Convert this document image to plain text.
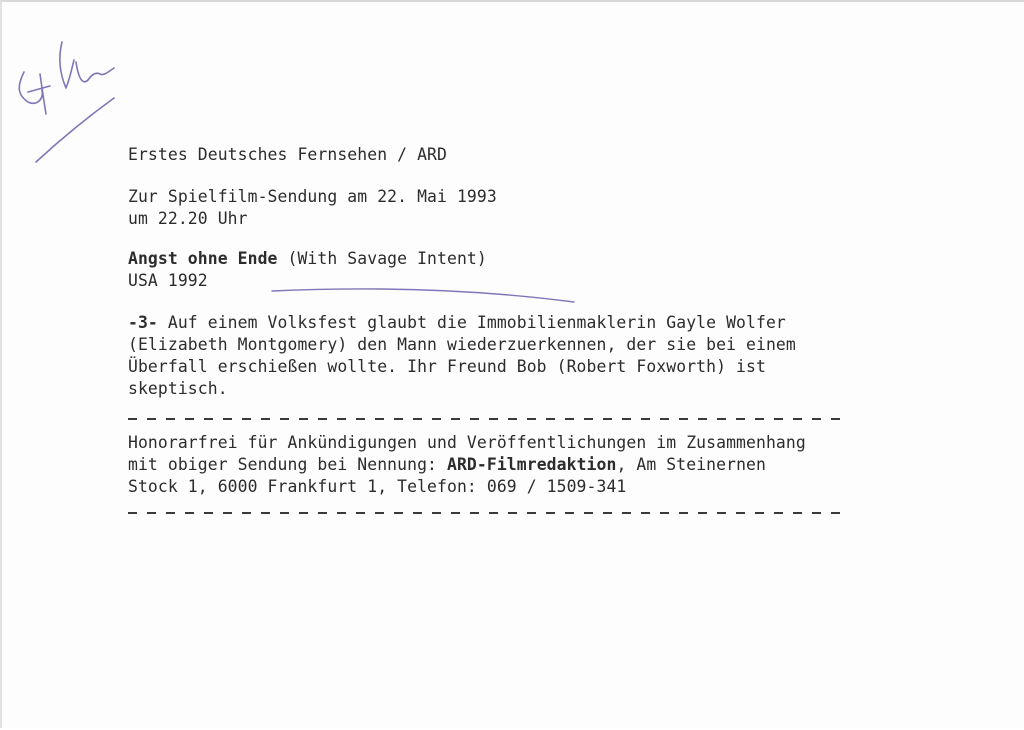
Erstes Deutsches Fernsehen / ARD
Zur Spielfilm-Sendung am 22. Mai 1993
um 22.20 Uhr
Angst ohne Ende (With Savage Intent)
USA 1992
-3- Auf einem Volksfest glaubt die Immobilienmaklerin Gayle Wolfer
(Elizabeth Montgomery) den Mann wiederzuerkennen, der sie bei einem
Überfall erschießen wollte. Ihr Freund Bob (Robert Foxworth) ist
skeptisch.
Honorarfrei für Ankündigungen und Veröffentlichungen im Zusammenhang
mit obiger Sendung bei Nennung: ARD-Filmredaktion, Am Steinernen
Stock 1, 6000 Frankfurt 1, Telefon: 069 / 1509-341
